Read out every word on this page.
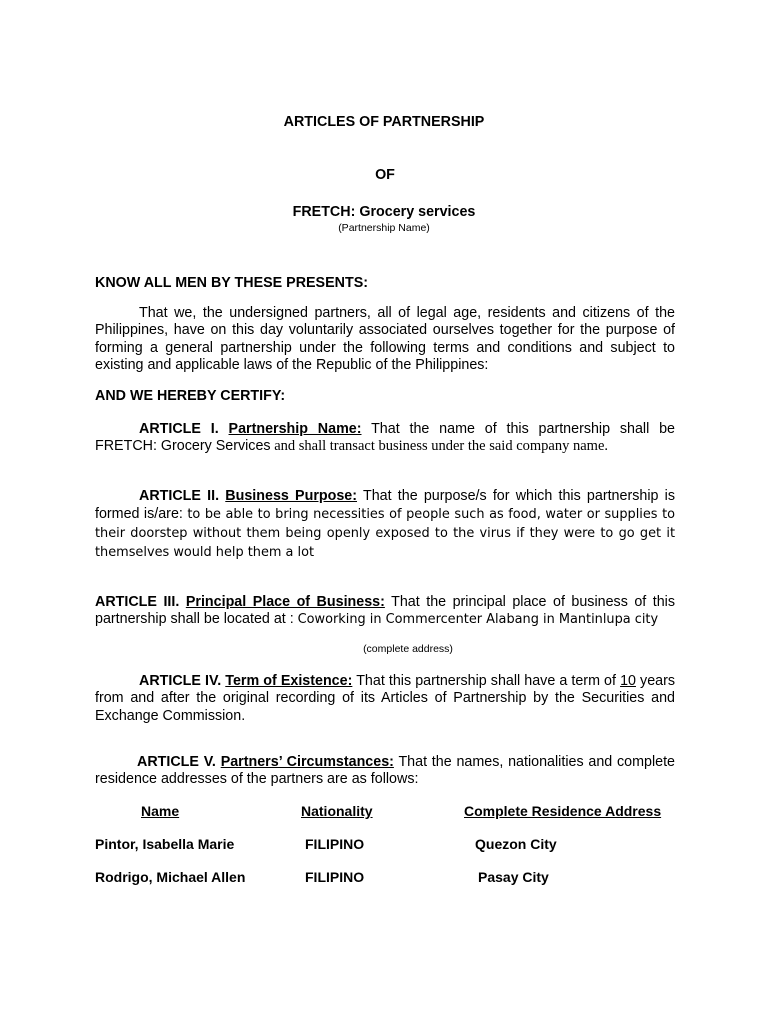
ARTICLES OF PARTNERSHIP
OF
FRETCH: Grocery services
(Partnership Name)
KNOW ALL MEN BY THESE PRESENTS:
That we, the undersigned partners, all of legal age, residents and citizens of the Philippines, have on this day voluntarily associated ourselves together for the purpose of forming a general partnership under the following terms and conditions and subject to existing and applicable laws of the Republic of the Philippines:
AND WE HEREBY CERTIFY:
ARTICLE I. Partnership Name: That the name of this partnership shall be FRETCH: Grocery Services and shall transact business under the said company name.
ARTICLE II. Business Purpose: That the purpose/s for which this partnership is formed is/are: to be able to bring necessities of people such as food, water or supplies to their doorstep without them being openly exposed to the virus if they were to go get it themselves would help them a lot
ARTICLE III. Principal Place of Business: That the principal place of business of this partnership shall be located at : Coworking in Commercenter Alabang in Mantinlupa city
(complete address)
ARTICLE IV. Term of Existence: That this partnership shall have a term of 10 years from and after the original recording of its Articles of Partnership by the Securities and Exchange Commission.
ARTICLE V. Partners’ Circumstances: That the names, nationalities and complete residence addresses of the partners are as follows:
Name	Nationality	Complete Residence Address
Pintor, Isabella Marie	FILIPINO	Quezon City
Rodrigo, Michael Allen	FILIPINO	Pasay City
